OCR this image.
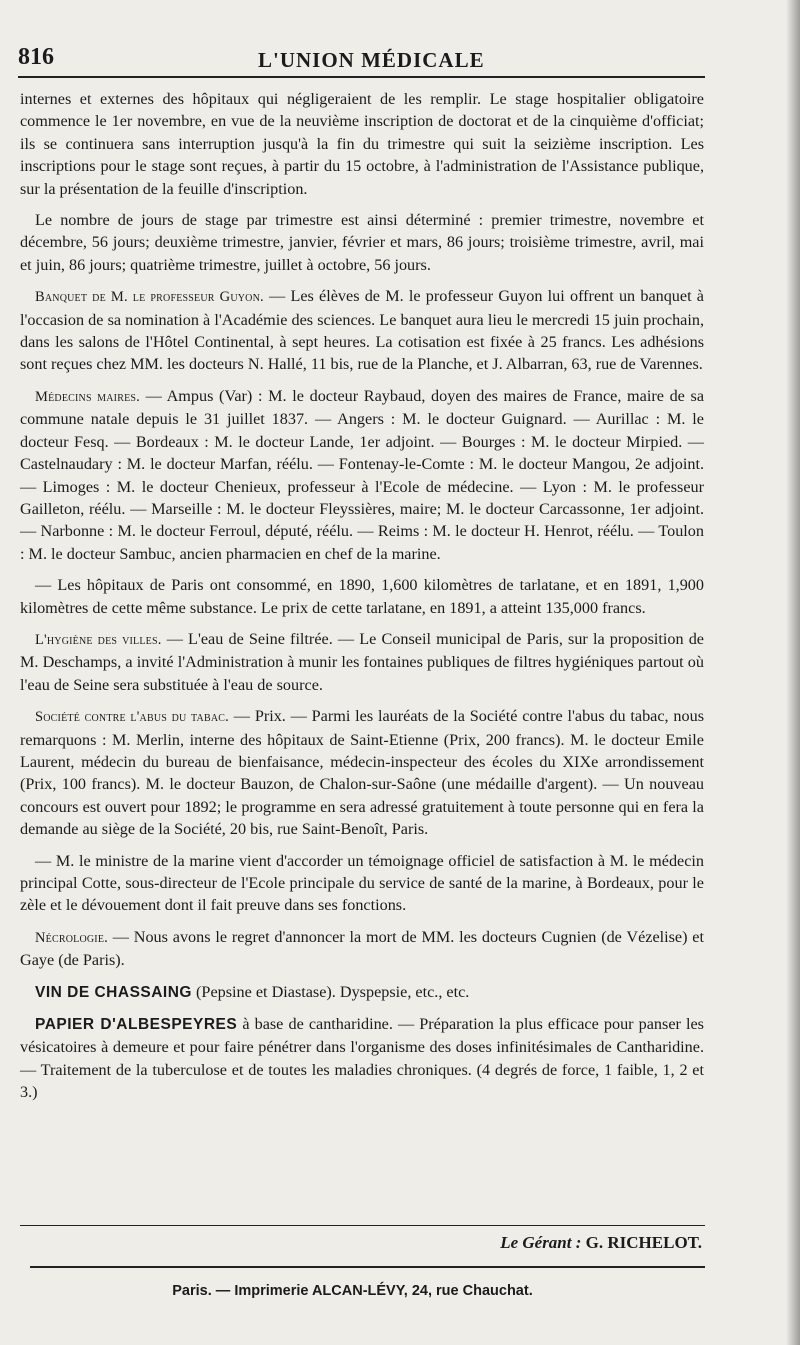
816	L'UNION MÉDICALE

internes et externes des hôpitaux qui négligeraient de les remplir. Le stage hospitalier obligatoire commence le 1er novembre, en vue de la neuvième inscription de doctorat et de la cinquième d'officiat; ils se continuera sans interruption jusqu'à la fin du trimestre qui suit la seizième inscription. Les inscriptions pour le stage sont reçues, à partir du 15 octobre, à l'administration de l'Assistance publique, sur la présentation de la feuille d'inscription.

Le nombre de jours de stage par trimestre est ainsi déterminé : premier trimestre, novembre et décembre, 56 jours; deuxième trimestre, janvier, février et mars, 86 jours; troisième trimestre, avril, mai et juin, 86 jours; quatrième trimestre, juillet à octobre, 56 jours.

Banquet de M. le professeur Guyon. — Les élèves de M. le professeur Guyon lui offrent un banquet à l'occasion de sa nomination à l'Académie des sciences. Le banquet aura lieu le mercredi 15 juin prochain, dans les salons de l'Hôtel Continental, à sept heures. La cotisation est fixée à 25 francs. Les adhésions sont reçues chez MM. les docteurs N. Hallé, 11 bis, rue de la Planche, et J. Albarran, 63, rue de Varennes.

Médecins maires. — Ampus (Var) : M. le docteur Raybaud, doyen des maires de France, maire de sa commune natale depuis le 31 juillet 1837. — Angers : M. le docteur Guignard. — Aurillac : M. le docteur Fesq. — Bordeaux : M. le docteur Lande, 1er adjoint. — Bourges : M. le docteur Mirpied. — Castelnaudary : M. le docteur Marfan, réélu. — Fontenay-le-Comte : M. le docteur Mangou, 2e adjoint. — Limoges : M. le docteur Chenieux, professeur à l'Ecole de médecine. — Lyon : M. le professeur Gailleton, réélu. — Marseille : M. le docteur Fleyssières, maire; M. le docteur Carcassonne, 1er adjoint. — Narbonne : M. le docteur Ferroul, député, réélu. — Reims : M. le docteur H. Henrot, réélu. — Toulon : M. le docteur Sambuc, ancien pharmacien en chef de la marine.

— Les hôpitaux de Paris ont consommé, en 1890, 1,600 kilomètres de tarlatane, et en 1891, 1,900 kilomètres de cette même substance. Le prix de cette tarlatane, en 1891, a atteint 135,000 francs.

L'hygiène des villes. — L'eau de Seine filtrée. — Le Conseil municipal de Paris, sur la proposition de M. Deschamps, a invité l'Administration à munir les fontaines publiques de filtres hygiéniques partout où l'eau de Seine sera substituée à l'eau de source.

Société contre l'abus du tabac. — Prix. — Parmi les lauréats de la Société contre l'abus du tabac, nous remarquons : M. Merlin, interne des hôpitaux de Saint-Etienne (Prix, 200 francs). M. le docteur Emile Laurent, médecin du bureau de bienfaisance, médecin-inspecteur des écoles du XIXe arrondissement (Prix, 100 francs). M. le docteur Bauzon, de Chalon-sur-Saône (une médaille d'argent). — Un nouveau concours est ouvert pour 1892; le programme en sera adressé gratuitement à toute personne qui en fera la demande au siège de la Société, 20 bis, rue Saint-Benoît, Paris.

— M. le ministre de la marine vient d'accorder un témoignage officiel de satisfaction à M. le médecin principal Cotte, sous-directeur de l'Ecole principale du service de santé de la marine, à Bordeaux, pour le zèle et le dévouement dont il fait preuve dans ses fonctions.

Nécrologie. — Nous avons le regret d'annoncer la mort de MM. les docteurs Cugnien (de Vézelise) et Gaye (de Paris).

VIN DE CHASSAING (Pepsine et Diastase). Dyspepsie, etc., etc.

PAPIER D'ALBESPEYRES à base de cantharidine. — Préparation la plus efficace pour panser les vésicatoires à demeure et pour faire pénétrer dans l'organisme des doses infinitésimales de Cantharidine. — Traitement de la tuberculose et de toutes les maladies chroniques. (4 degrés de force, 1 faible, 1, 2 et 3.)

Le Gérant : G. RICHELOT.
Paris. — Imprimerie ALCAN-LÉVY, 24, rue Chauchat.
